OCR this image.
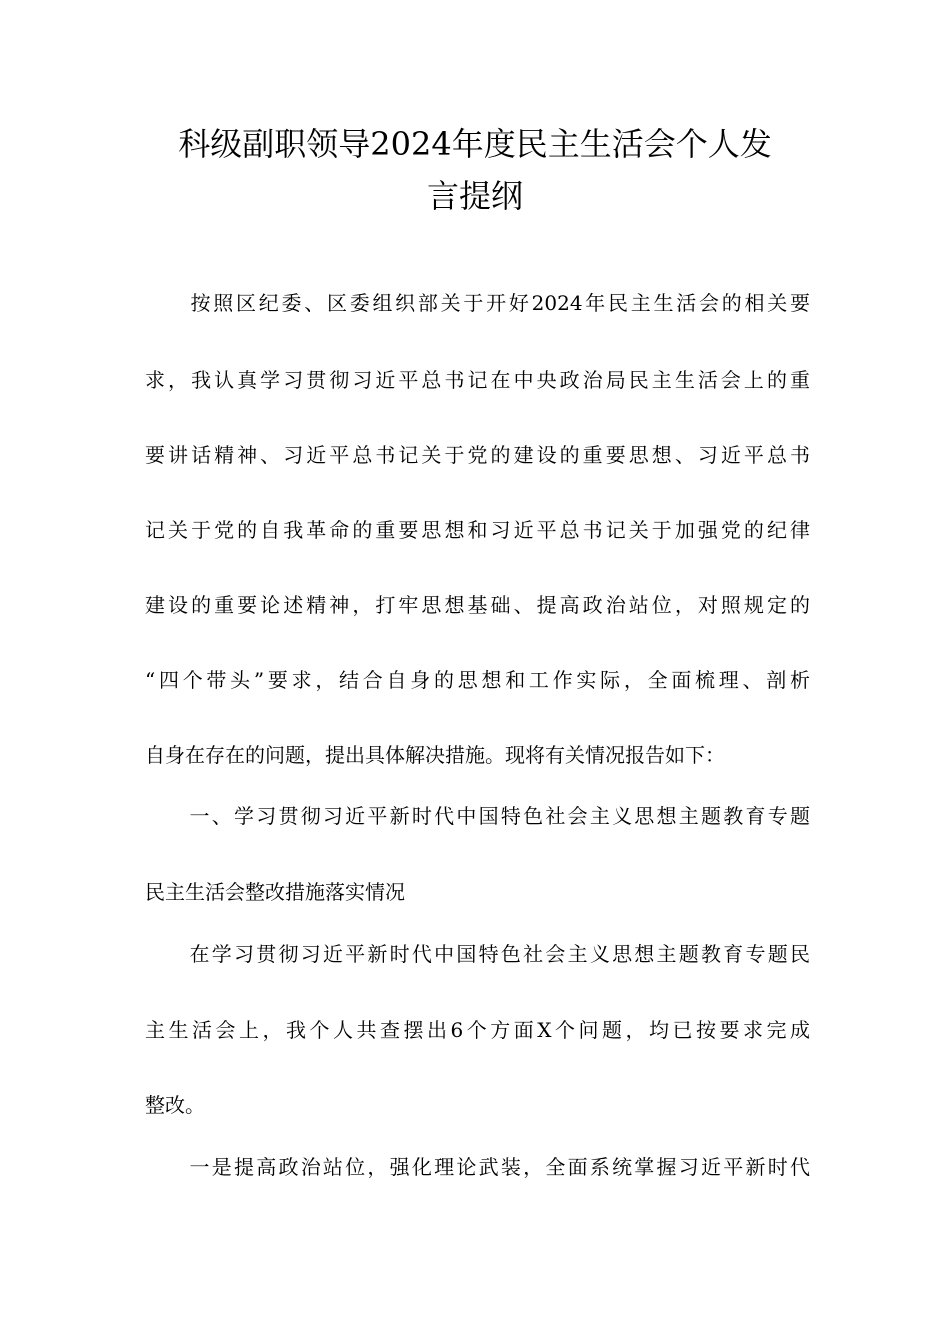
科级副职领导2024年度民主生活会个人发
言提纲
　　按照区纪委、区委组织部关于开好2024年民主生活会的相关要
求，我认真学习贯彻习近平总书记在中央政治局民主生活会上的重
要讲话精神、习近平总书记关于党的建设的重要思想、习近平总书
记关于党的自我革命的重要思想和习近平总书记关于加强党的纪律
建设的重要论述精神，打牢思想基础、提高政治站位，对照规定的
“四个带头”要求，结合自身的思想和工作实际，全面梳理、剖析
自身在存在的问题，提出具体解决措施。现将有关情况报告如下：
　　一、学习贯彻习近平新时代中国特色社会主义思想主题教育专题
民主生活会整改措施落实情况
　　在学习贯彻习近平新时代中国特色社会主义思想主题教育专题民
主生活会上，我个人共查摆出6个方面X个问题，均已按要求完成
整改。
　　一是提高政治站位，强化理论武装，全面系统掌握习近平新时代
